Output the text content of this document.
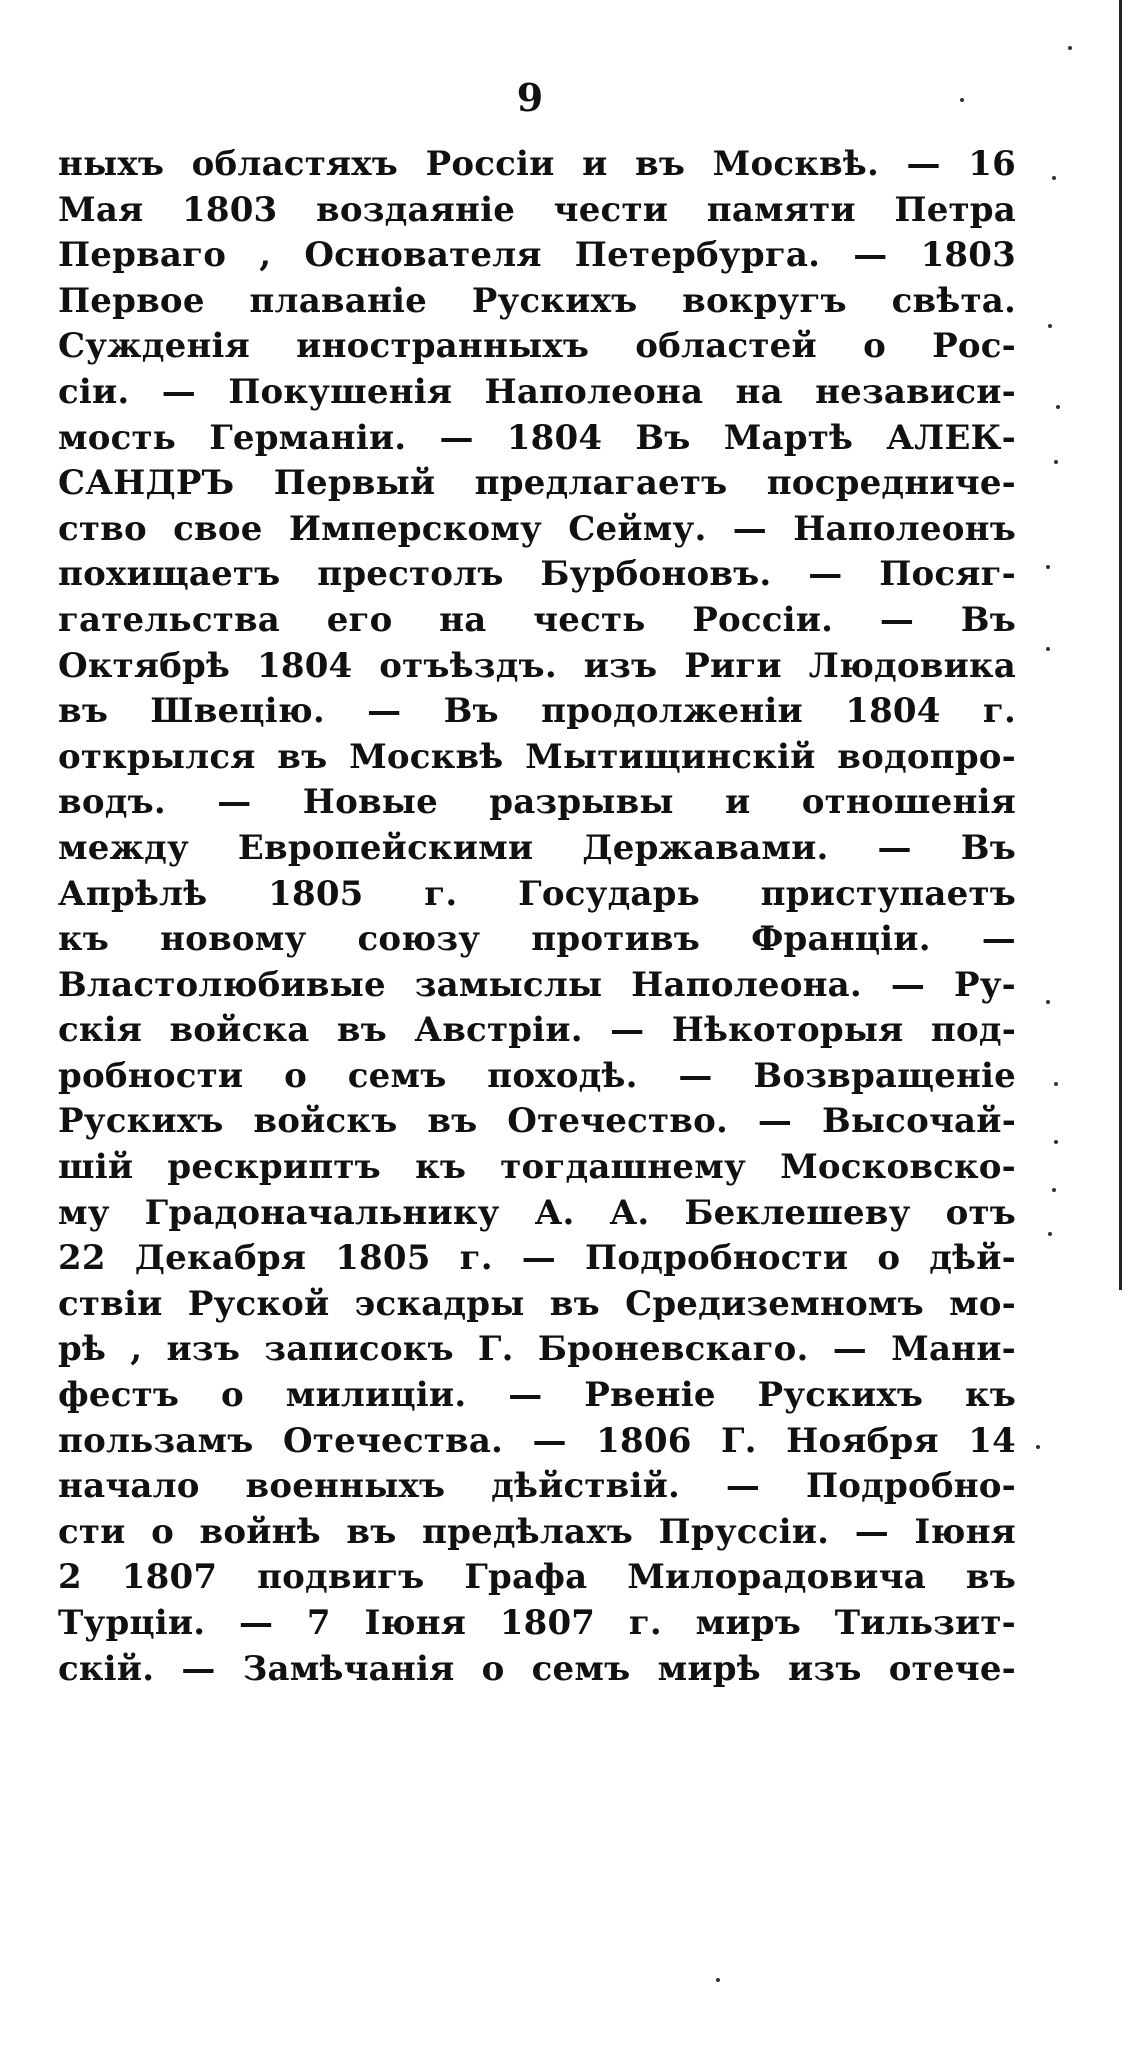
9
ныхъ областяхъ Россіи и въ Москвѣ. — 16
Мая 1803 воздаяніе чести памяти Петра
Перваго , Основателя Петербурга. — 1803
Первое плаваніе Рускихъ вокругъ свѣта.
Сужденія иностранныхъ областей о Рос-
сіи. — Покушенія Наполеона на независи-
мость Германіи. — 1804 Въ Мартѣ АЛЕК-
САНДРЪ Первый предлагаетъ посредниче-
ство свое Имперскому Сейму. — Наполеонъ
похищаетъ престолъ Бурбоновъ. — Посяг-
гательства его на честь Россіи. — Въ
Октябрѣ 1804 отъѣздъ. изъ Риги Людовика
въ Швецію. — Въ продолженіи 1804 г.
открылся въ Москвѣ Мытищинскій водопро-
водъ. — Новые разрывы и отношенія
между Европейскими Державами. — Въ
Апрѣлѣ 1805 г. Государь приступаетъ
къ новому союзу противъ Франціи. —
Властолюбивые замыслы Наполеона. — Ру-
скія войска въ Австріи. — Нѣкоторыя под-
робности о семъ походѣ. — Возвращеніе
Рускихъ войскъ въ Отечество. — Высочай-
шій рескриптъ къ тогдашнему Московско-
му Градоначальнику А. А. Беклешеву отъ
22 Декабря 1805 г. — Подробности о дѣй-
ствіи Руской эскадры въ Средиземномъ мо-
рѣ , изъ записокъ Г. Броневскаго. — Мани-
фестъ о милиціи. — Рвеніе Рускихъ къ
пользамъ Отечества. — 1806 Г. Ноября 14
начало военныхъ дѣйствій. — Подробно-
сти о войнѣ въ предѣлахъ Пруссіи. — Іюня
2 1807 подвигъ Графа Милорадовича въ
Турціи. — 7 Іюня 1807 г. миръ Тильзит-
скій. — Замѣчанія о семъ мирѣ изъ отече-
